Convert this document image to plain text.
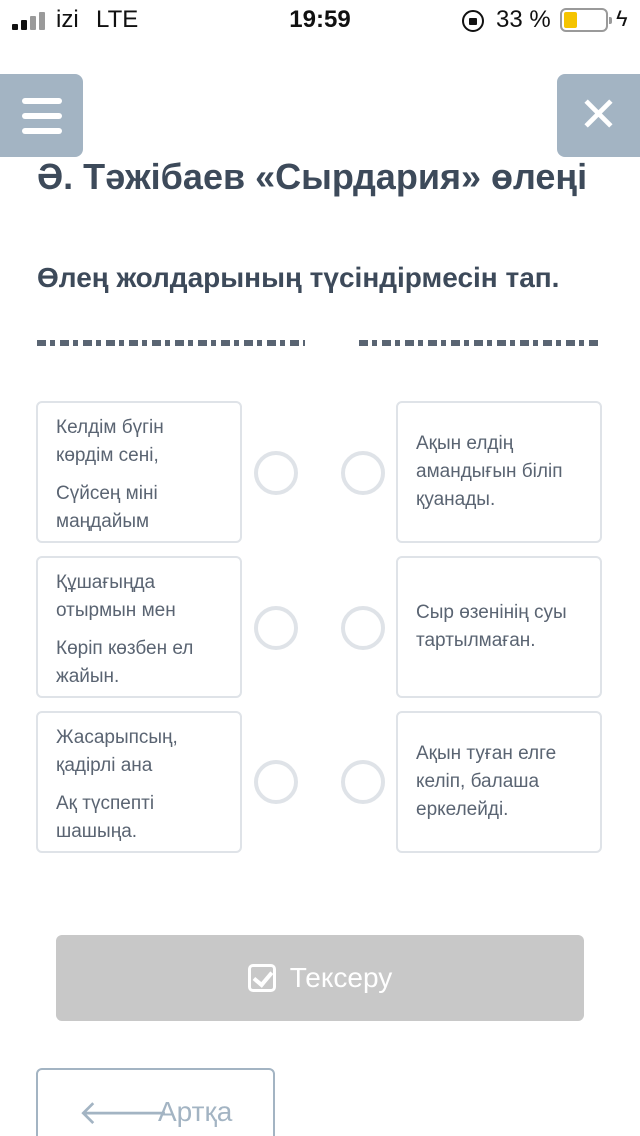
izi LTE	19:59	33 %	ϟ
✕
Ә. Тәжібаев «Сырдария» өлеңі
Өлең жолдарының түсіндірмесін тап.
Келдім бүгін көрдім сені,
Сүйсең міні маңдайым
Ақын елдің амандығын біліп қуанады.
Құшағыңда отырмын мен
Көріп көзбен ел жайын.
Сыр өзенінің суы тартылмаған.
Жасарыпсың, қадірлі ана
Ақ түспепті шашыңа.
Ақын туған елге келіп, балаша еркелейді.
Тексеру
🡐
Артқа
